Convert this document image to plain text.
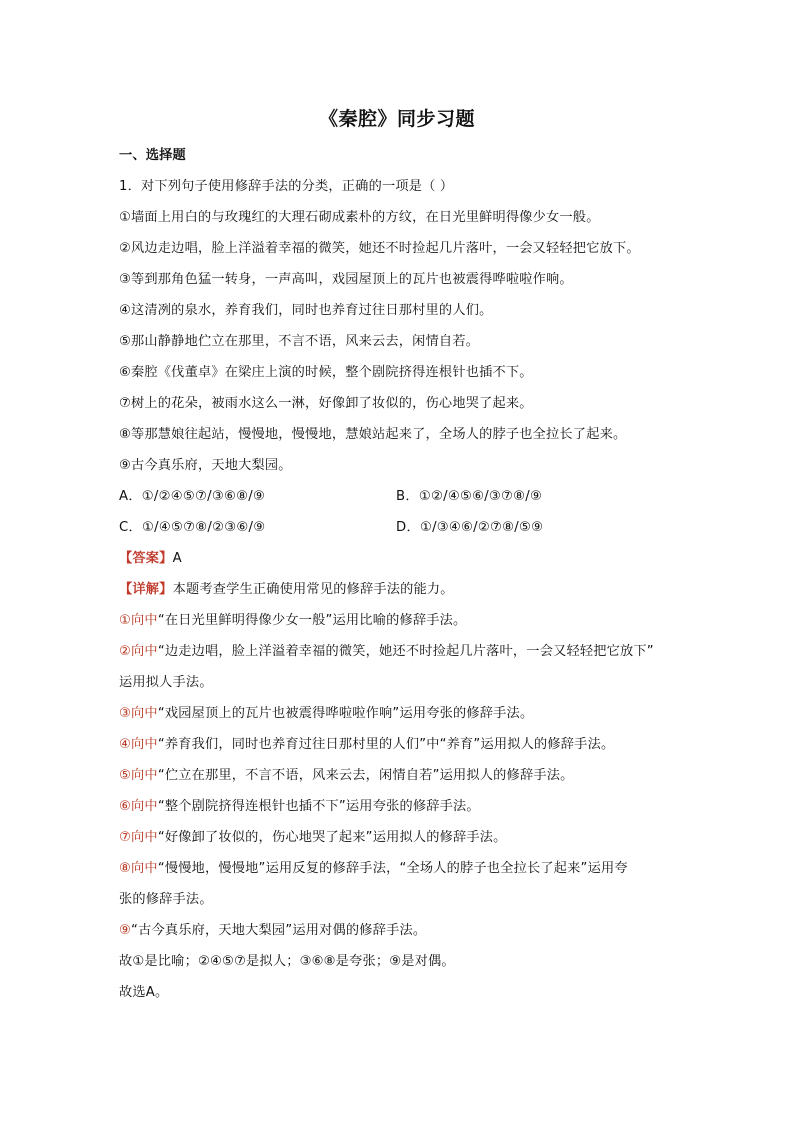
《秦腔》同步习题
一、选择题
1．对下列句子使用修辞手法的分类，正确的一项是（ ）
①墙面上用白的与玫瑰红的大理石砌成素朴的方纹，在日光里鲜明得像少女一般。
②风边走边唱，脸上洋溢着幸福的微笑，她还不时捡起几片落叶，一会又轻轻把它放下。
③等到那角色猛一转身，一声高叫，戏园屋顶上的瓦片也被震得哗啦啦作响。
④这清冽的泉水，养育我们，同时也养育过往日那村里的人们。
⑤那山静静地伫立在那里，不言不语，风来云去，闲情自若。
⑥秦腔《伐董卓》在梁庄上演的时候，整个剧院挤得连根针也插不下。
⑦树上的花朵，被雨水这么一淋，好像卸了妆似的，伤心地哭了起来。
⑧等那慧娘往起站，慢慢地，慢慢地，慧娘站起来了，全场人的脖子也全拉长了起来。
⑨古今真乐府，天地大梨园。
A．①/②④⑤⑦/③⑥⑧/⑨	B．①②/④⑤⑥/③⑦⑧/⑨
C．①/④⑤⑦⑧/②③⑥/⑨	D．①/③④⑥/②⑦⑧/⑤⑨
【答案】A
【详解】本题考查学生正确使用常见的修辞手法的能力。
①向中“在日光里鲜明得像少女一般”运用比喻的修辞手法。
②向中“边走边唱，脸上洋溢着幸福的微笑，她还不时捡起几片落叶，一会又轻轻把它放下”
运用拟人手法。
③向中“戏园屋顶上的瓦片也被震得哗啦啦作响”运用夸张的修辞手法。
④向中“养育我们，同时也养育过往日那村里的人们”中“养育”运用拟人的修辞手法。
⑤向中“伫立在那里，不言不语，风来云去，闲情自若”运用拟人的修辞手法。
⑥向中“整个剧院挤得连根针也插不下”运用夸张的修辞手法。
⑦向中“好像卸了妆似的，伤心地哭了起来”运用拟人的修辞手法。
⑧向中“慢慢地，慢慢地”运用反复的修辞手法，“全场人的脖子也全拉长了起来”运用夸
张的修辞手法。
⑨“古今真乐府，天地大梨园”运用对偶的修辞手法。
故①是比喻；②④⑤⑦是拟人；③⑥⑧是夸张；⑨是对偶。
故选A。
